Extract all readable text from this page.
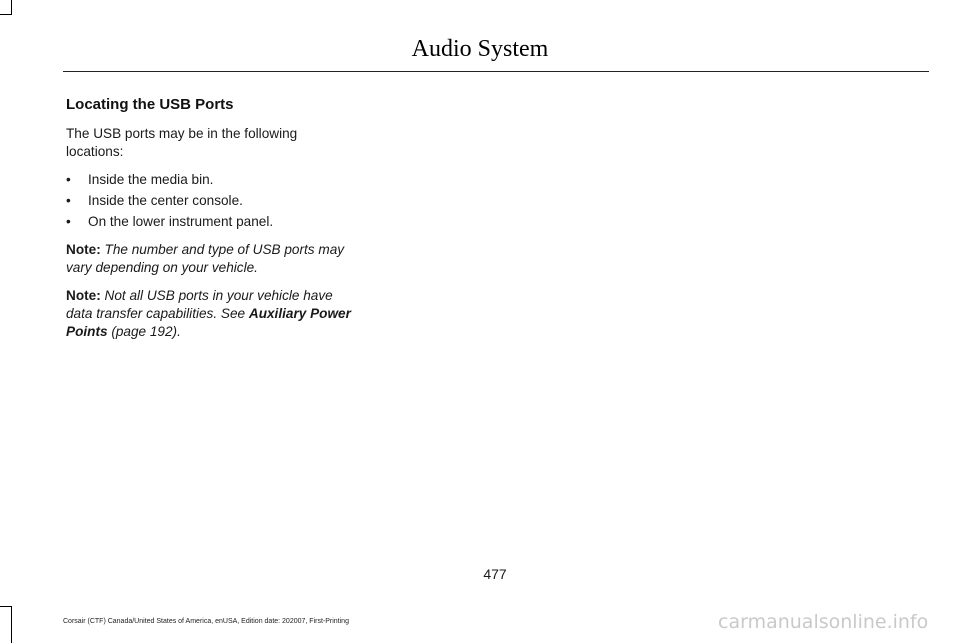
Audio System
Locating the USB Ports

The USB ports may be in the following locations:

• Inside the media bin.
• Inside the center console.
• On the lower instrument panel.

Note: The number and type of USB ports may vary depending on your vehicle.

Note: Not all USB ports in your vehicle have data transfer capabilities. See Auxiliary Power Points (page 192).

477
Corsair (CTF) Canada/United States of America, enUSA, Edition date: 202007, First-Printing	carmanualsonline.info
